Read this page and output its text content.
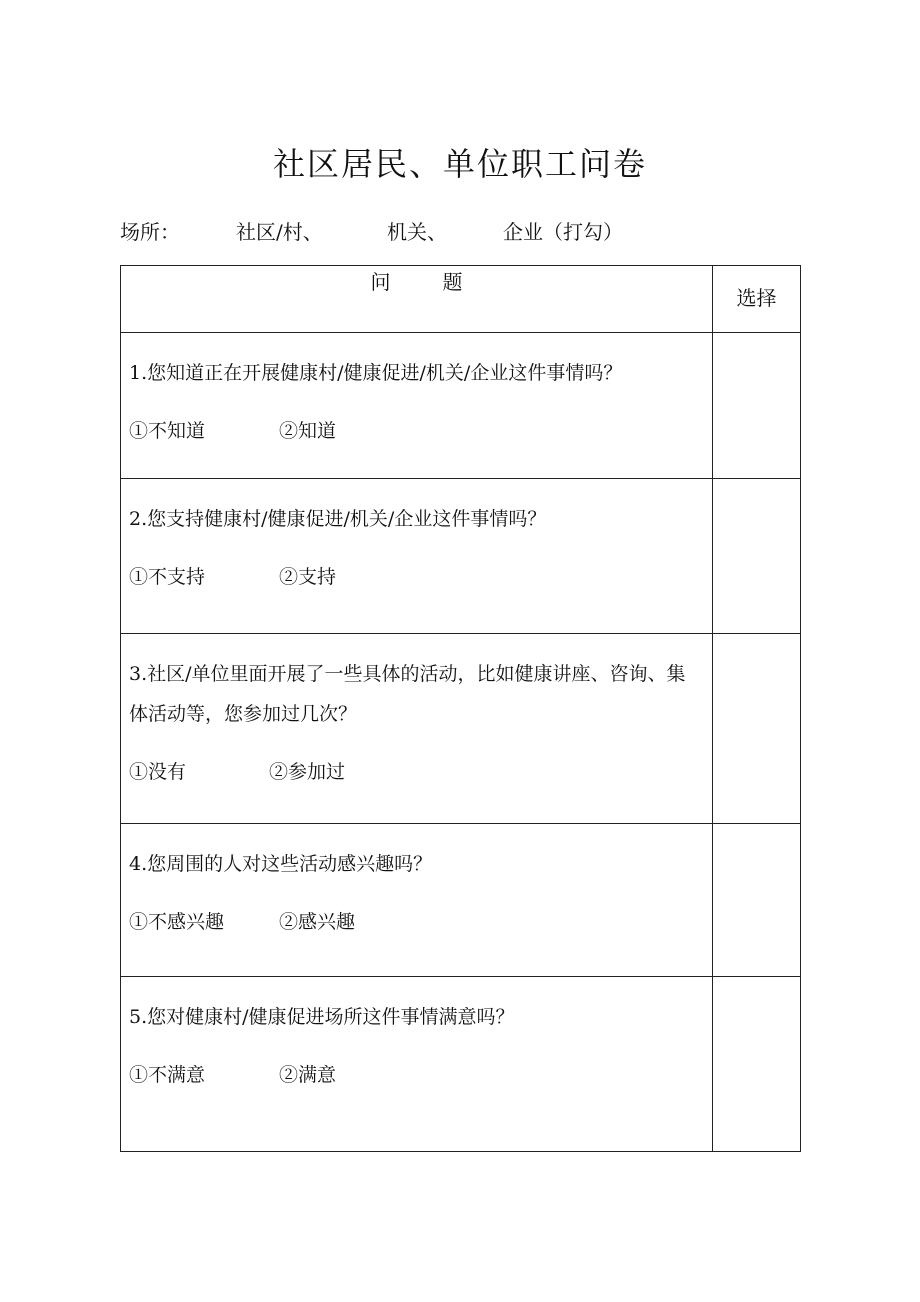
社区居民、单位职工问卷
场所：	社区/村、	机关、	企业（打勾）
问题	选择

1.您知道正在开展健康村/健康促进/机关/企业这件事情吗？

①不知道 ②知道	

2.您支持健康村/健康促进/机关/企业这件事情吗？

①不支持 ②支持	

3.社区/单位里面开展了一些具体的活动，比如健康讲座、咨询、集体活动等，您参加过几次？

①没有 ②参加过	

4.您周围的人对这些活动感兴趣吗？

①不感兴趣 ②感兴趣	

5.您对健康村/健康促进场所这件事情满意吗？

①不满意 ②满意	
